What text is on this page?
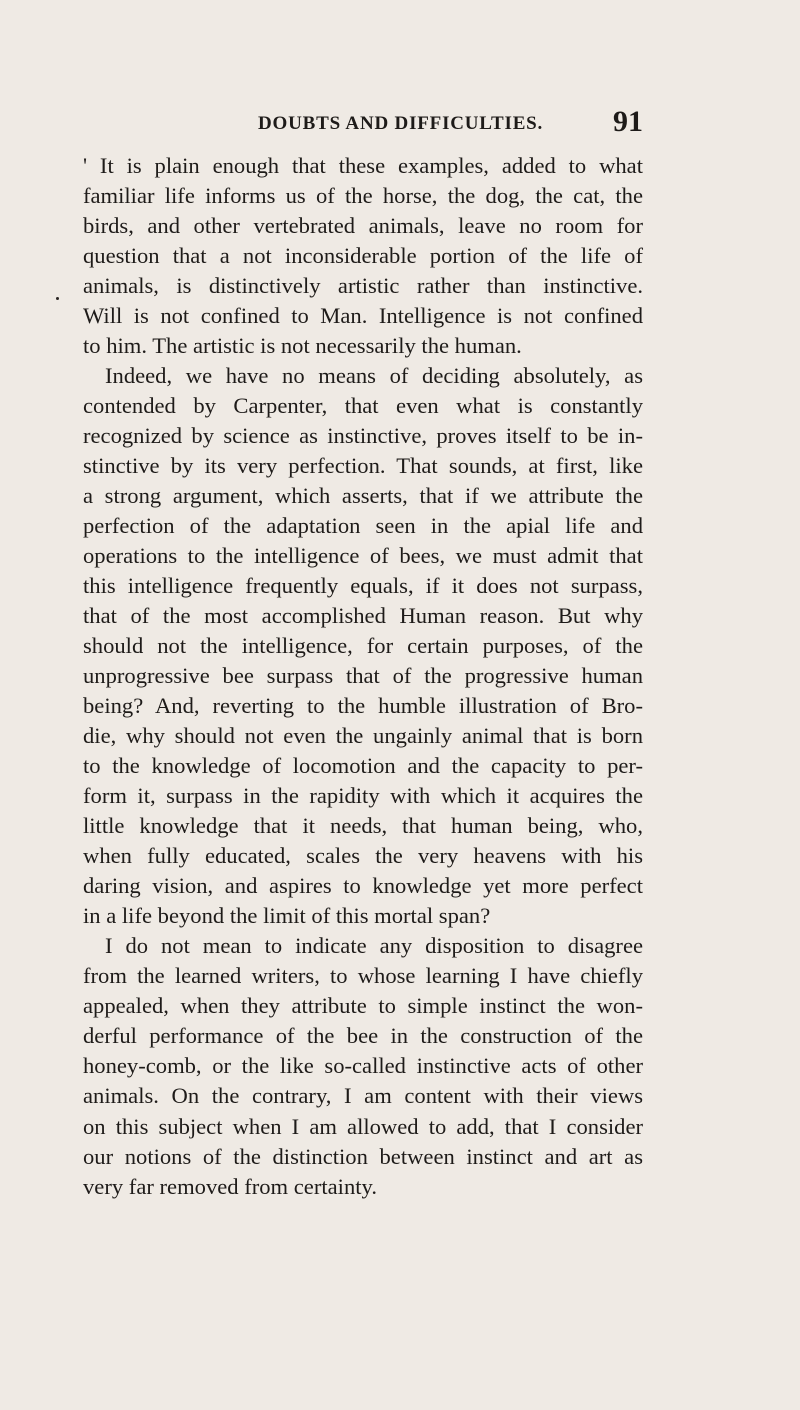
DOUBTS AND DIFFICULTIES. 91
' It is plain enough that these examples, added to what
familiar life informs us of the horse, the dog, the cat, the
birds, and other vertebrated animals, leave no room for
question that a not inconsiderable portion of the life of
animals, is distinctively artistic rather than instinctive.
Will is not confined to Man. Intelligence is not confined
to him. The artistic is not necessarily the human.
Indeed, we have no means of deciding absolutely, as
contended by Carpenter, that even what is constantly
recognized by science as instinctive, proves itself to be in-
stinctive by its very perfection. That sounds, at first, like
a strong argument, which asserts, that if we attribute the
perfection of the adaptation seen in the apial life and
operations to the intelligence of bees, we must admit that
this intelligence frequently equals, if it does not surpass,
that of the most accomplished Human reason. But why
should not the intelligence, for certain purposes, of the
unprogressive bee surpass that of the progressive human
being? And, reverting to the humble illustration of Bro-
die, why should not even the ungainly animal that is born
to the knowledge of locomotion and the capacity to per-
form it, surpass in the rapidity with which it acquires the
little knowledge that it needs, that human being, who,
when fully educated, scales the very heavens with his
daring vision, and aspires to knowledge yet more perfect
in a life beyond the limit of this mortal span?
I do not mean to indicate any disposition to disagree
from the learned writers, to whose learning I have chiefly
appealed, when they attribute to simple instinct the won-
derful performance of the bee in the construction of the
honey-comb, or the like so-called instinctive acts of other
animals. On the contrary, I am content with their views
on this subject when I am allowed to add, that I consider
our notions of the distinction between instinct and art as
very far removed from certainty.
